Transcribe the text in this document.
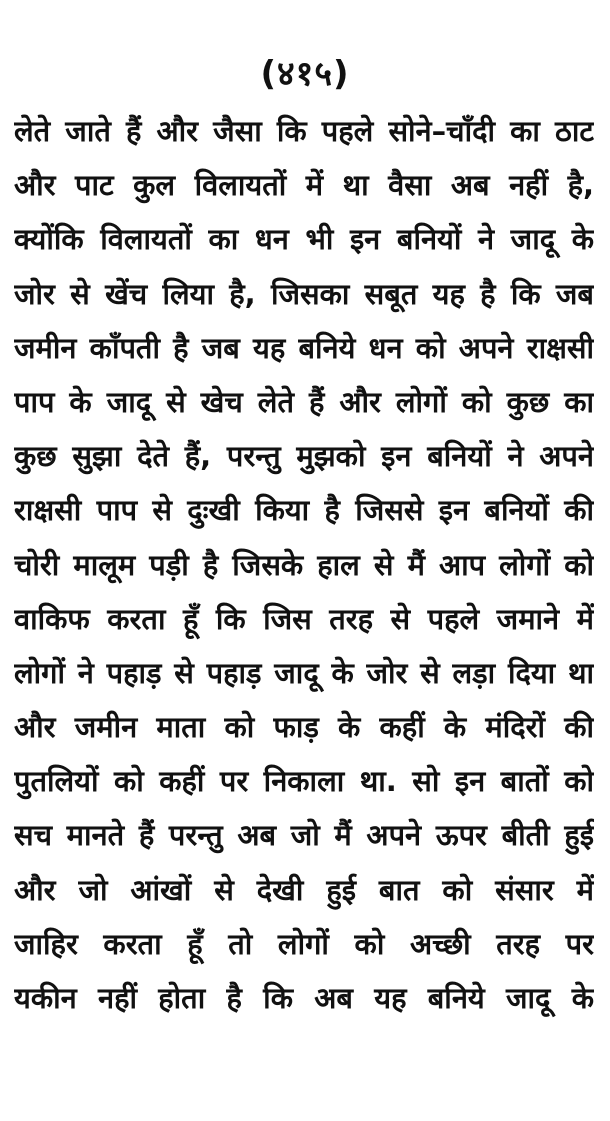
(४१५)
लेते जाते हैं और जैसा कि पहले सोने–चाँदी का ठाट
और पाट कुल विलायतों में था वैसा अब नहीं है,
क्योंकि विलायतों का धन भी इन बनियों ने जादू के
जोर से खेंच लिया है, जिसका सबूत यह है कि जब
जमीन काँपती है जब यह बनिये धन को अपने राक्षसी
पाप के जादू से खेच लेते हैं और लोगों को कुछ का
कुछ सुझा देते हैं, परन्तु मुझको इन बनियों ने अपने
राक्षसी पाप से दुःखी किया है जिससे इन बनियों की
चोरी मालूम पड़ी है जिसके हाल से मैं आप लोगों को
वाकिफ करता हूँ कि जिस तरह से पहले जमाने में
लोगों ने पहाड़ से पहाड़ जादू के जोर से लड़ा दिया था
और जमीन माता को फाड़ के कहीं के मंदिरों की
पुतलियों को कहीं पर निकाला था. सो इन बातों को
सच मानते हैं परन्तु अब जो मैं अपने ऊपर बीती हुई
और जो आंखों से देखी हुई बात को संसार में
जाहिर करता हूँ तो लोगों को अच्छी तरह पर
यकीन नहीं होता है कि अब यह बनिये जादू के
